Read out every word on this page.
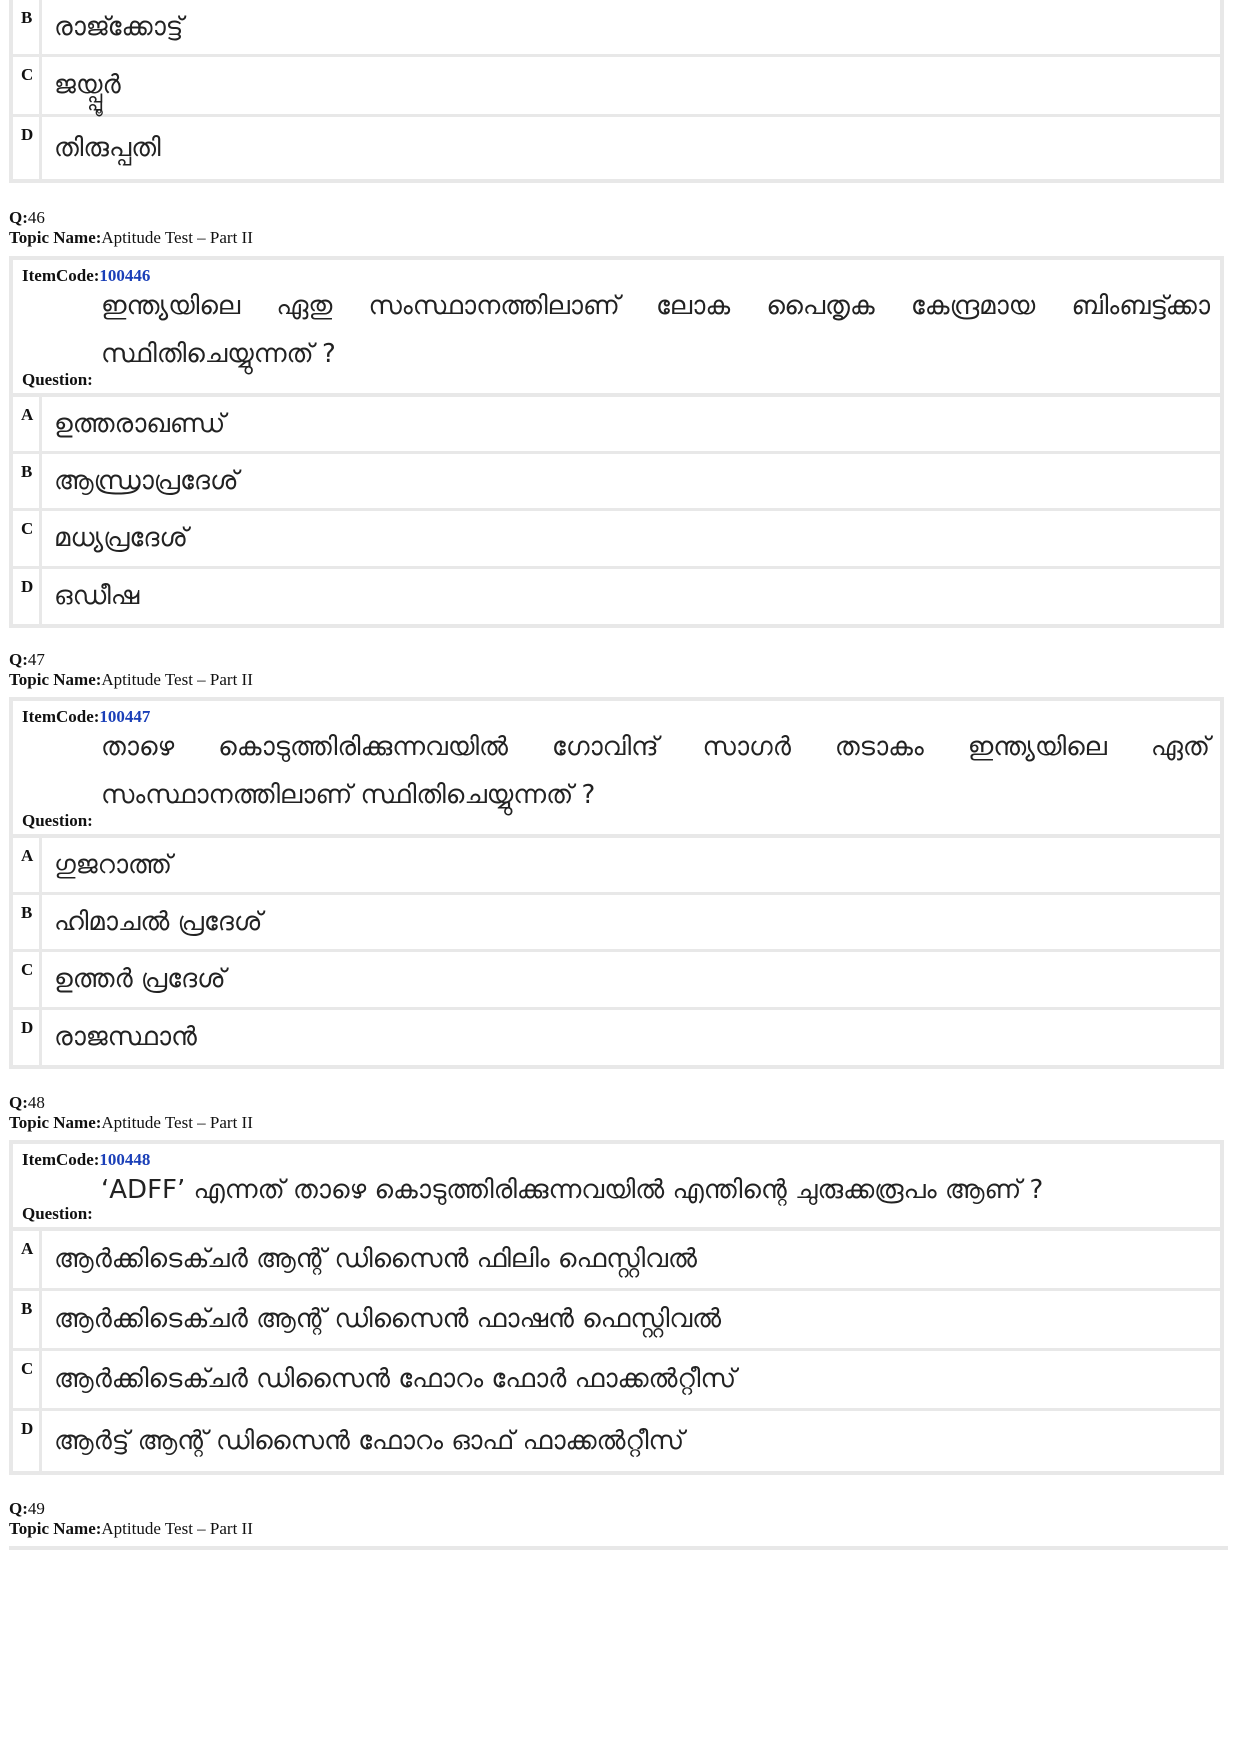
B രാജ്ക്കോട്ട്
C ജയ്പ്പൂർ
D തിരുപ്പതി
Q:46
Topic Name:Aptitude Test – Part II
ItemCode:100446
ഇന്ത്യയിലെ ഏതു സംസ്ഥാനത്തിലാണ് ലോക പൈതൃക കേന്ദ്രമായ ബിംബട്ട്ക്കാ സ്ഥിതിചെയ്യുന്നത് ?
Question:
A ഉത്തരാഖണ്ഡ്
B ആന്ധ്രാപ്രദേശ്
C മധ്യപ്രദേശ്
D ഒഡീഷ
Q:47
Topic Name:Aptitude Test – Part II
ItemCode:100447
താഴെ കൊടുത്തിരിക്കുന്നവയിൽ ഗോവിന്ദ് സാഗർ തടാകം ഇന്ത്യയിലെ ഏത് സംസ്ഥാനത്തിലാണ് സ്ഥിതിചെയ്യുന്നത് ?
Question:
A ഗുജറാത്ത്
B ഹിമാചൽ പ്രദേശ്
C ഉത്തർ പ്രദേശ്
D രാജസ്ഥാൻ
Q:48
Topic Name:Aptitude Test – Part II
ItemCode:100448
‘ADFF’ എന്നത് താഴെ കൊടുത്തിരിക്കുന്നവയിൽ എന്തിന്റെ ചുരുക്കരൂപം ആണ് ?
Question:
A ആർക്കിടെക്ചർ ആന്റ് ഡിസൈൻ ഫിലിം ഫെസ്റ്റിവൽ
B ആർക്കിടെക്ചർ ആന്റ് ഡിസൈൻ ഫാഷൻ ഫെസ്റ്റിവൽ
C ആർക്കിടെക്ചർ ഡിസൈൻ ഫോറം ഫോർ ഫാക്കൽറ്റീസ്
D ആർട്ട് ആന്റ് ഡിസൈൻ ഫോറം ഓഫ് ഫാക്കൽറ്റീസ്
Q:49
Topic Name:Aptitude Test – Part II
